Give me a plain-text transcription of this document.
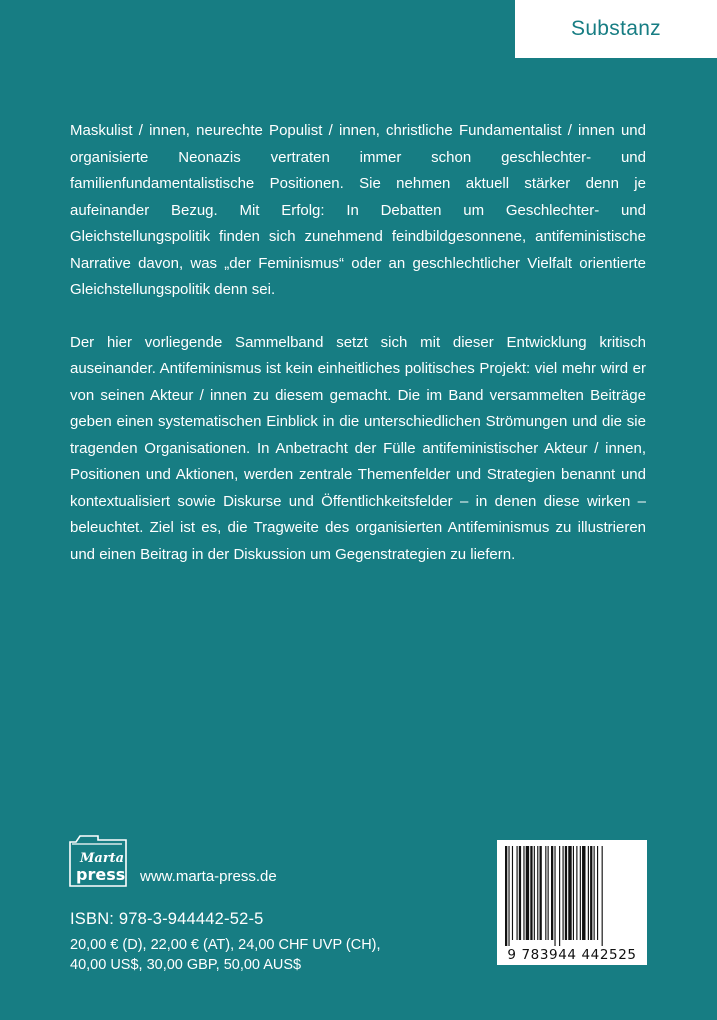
Substanz

Maskulist / innen, neurechte Populist / innen, christliche Fundamentalist / innen und organisierte Neonazis vertraten immer schon geschlechter- und familienfundamentalistische Positionen. Sie nehmen aktuell stärker denn je aufeinander Bezug. Mit Erfolg: In Debatten um Geschlechter- und Gleichstellungspolitik finden sich zunehmend feindbildgesonnene, antifeministische Narrative davon, was „der Feminismus“ oder an geschlechtlicher Vielfalt orientierte Gleichstellungspolitik denn sei.

Der hier vorliegende Sammelband setzt sich mit dieser Entwicklung kritisch auseinander. Antifeminismus ist kein einheitliches politisches Projekt: viel mehr wird er von seinen Akteur / innen zu diesem gemacht. Die im Band versammelten Beiträge geben einen systematischen Einblick in die unterschiedlichen Strömungen und die sie tragenden Organisationen. In Anbetracht der Fülle antifeministischer Akteur / innen, Positionen und Aktionen, werden zentrale Themenfelder und Strategien benannt und kontextualisiert sowie Diskurse und Öffentlichkeitsfelder – in denen diese wirken – beleuchtet. Ziel ist es, die Tragweite des organisierten Antifeminismus zu illustrieren und einen Beitrag in der Diskussion um Gegenstrategien zu liefern.

Marta
press www.marta-press.de
ISBN: 978-3-944442-52-5
20,00 € (D), 22,00 € (AT), 24,00 CHF UVP (CH),
40,00 US$, 30,00 GBP, 50,00 AUS$
9 783944 442525
